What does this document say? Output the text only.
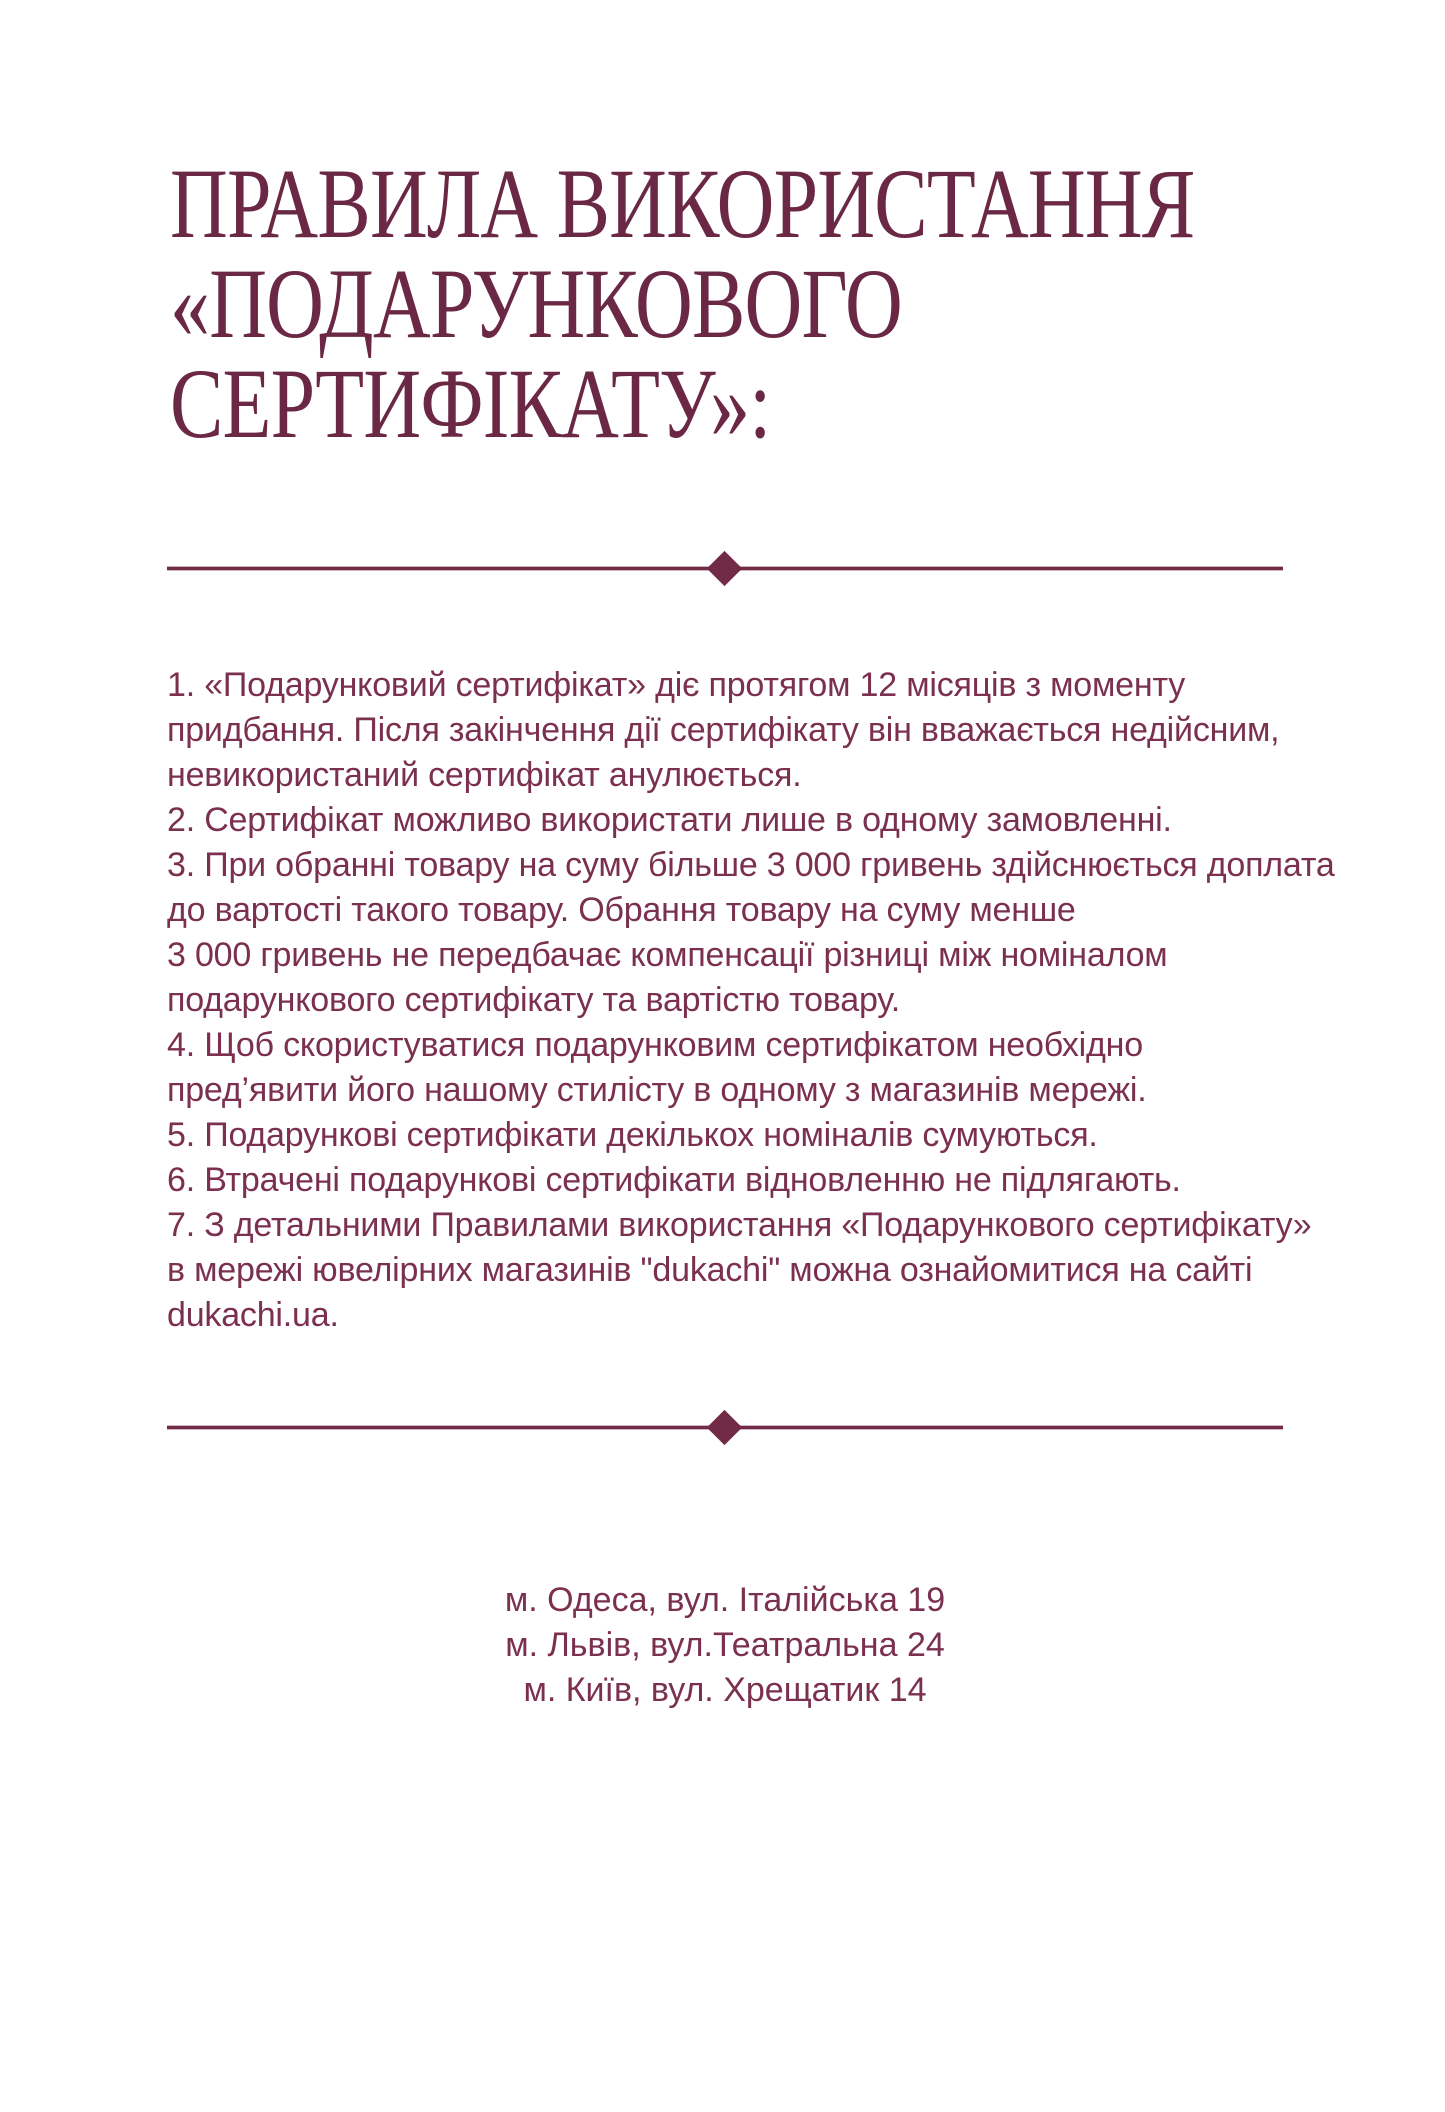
ПРАВИЛА ВИКОРИСТАННЯ
«ПОДАРУНКОВОГО
СЕРТИФІКАТУ»:
1. «Подарунковий сертифікат» діє протягом 12 місяців з моменту
придбання. Після закінчення дії сертифікату він вважається недійсним,
невикористаний сертифікат анулюється.
2. Сертифікат можливо використати лише в одному замовленні.
3. При обранні товару на суму більше 3 000 гривень здійснюється доплата
до вартості такого товару. Обрання товару на суму менше
3 000 гривень не передбачає компенсації різниці між номіналом
подарункового сертифікату та вартістю товару.
4. Щоб скористуватися подарунковим сертифікатом необхідно
пред’явити його нашому стилісту в одному з магазинів мережі.
5. Подарункові сертифікати декількох номіналів сумуються.
6. Втрачені подарункові сертифікати відновленню не підлягають.
7. З детальними Правилами використання «Подарункового сертифікату»
в мережі ювелірних магазинів "dukachi" можна ознайомитися на сайті
dukachi.ua.
м. Одеса, вул. Італійська 19
м. Львів, вул.Театральна 24
м. Київ, вул. Хрещатик 14
